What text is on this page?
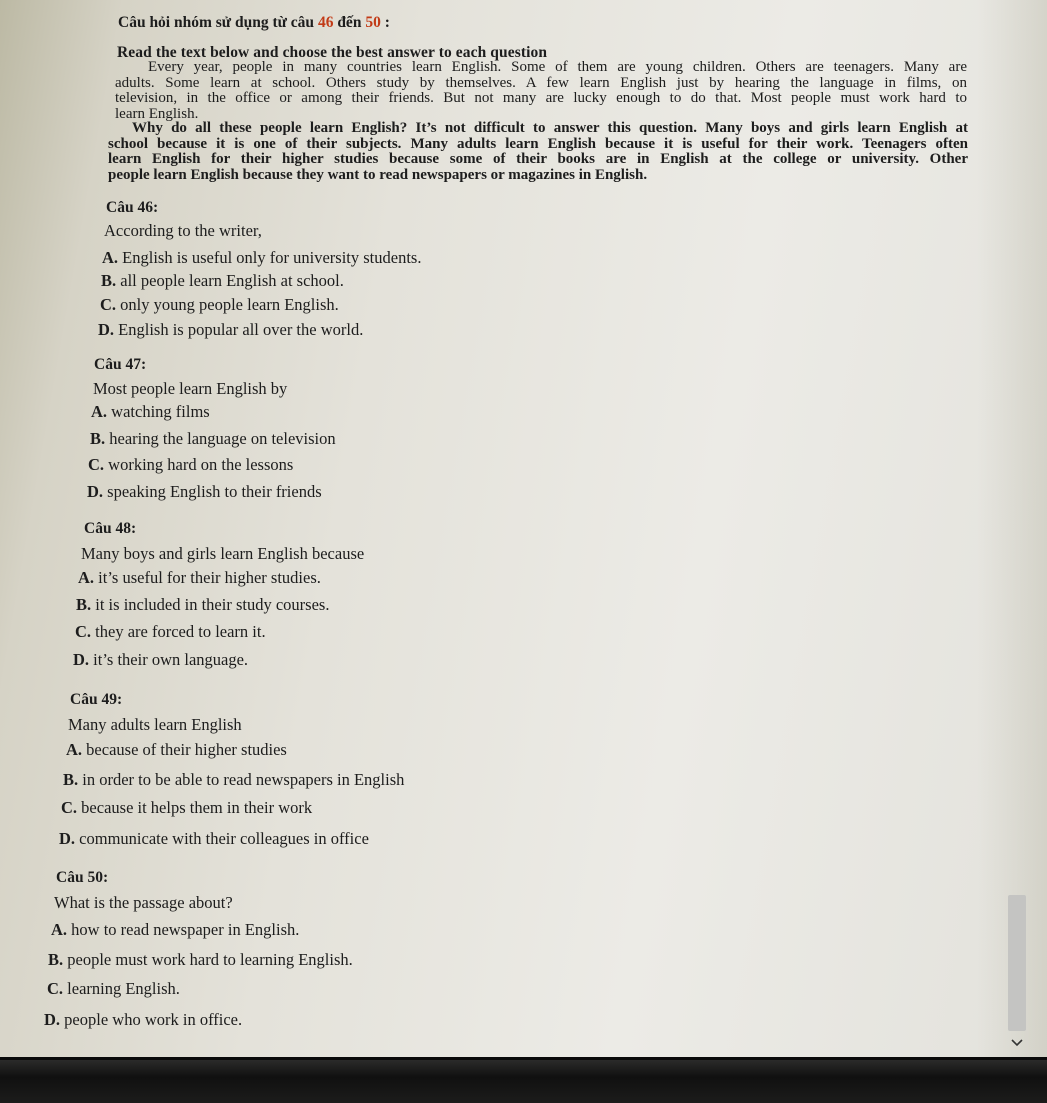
Câu hỏi nhóm sử dụng từ câu 46 đến 50 :
Read the text below and choose the best answer to each question
Every year, people in many countries learn English. Some of them are young children. Others are teenagers. Many are
adults. Some learn at school. Others study by themselves. A few learn English just by hearing the language in films, on
television, in the office or among their friends. But not many are lucky enough to do that. Most people must work hard to
learn English.
Why do all these people learn English? It’s not difficult to answer this question. Many boys and girls learn English at
school because it is one of their subjects. Many adults learn English because it is useful for their work. Teenagers often
learn English for their higher studies because some of their books are in English at the college or university. Other
people learn English because they want to read newspapers or magazines in English.
Câu 46:
According to the writer,
A. English is useful only for university students.
B. all people learn English at school.
C. only young people learn English.
D. English is popular all over the world.
Câu 47:
Most people learn English by
A. watching films
B. hearing the language on television
C. working hard on the lessons
D. speaking English to their friends
Câu 48:
Many boys and girls learn English because
A. it’s useful for their higher studies.
B. it is included in their study courses.
C. they are forced to learn it.
D. it’s their own language.
Câu 49:
Many adults learn English
A. because of their higher studies
B. in order to be able to read newspapers in English
C. because it helps them in their work
D. communicate with their colleagues in office
Câu 50:
What is the passage about?
A. how to read newspaper in English.
B. people must work hard to learning English.
C. learning English.
D. people who work in office.
